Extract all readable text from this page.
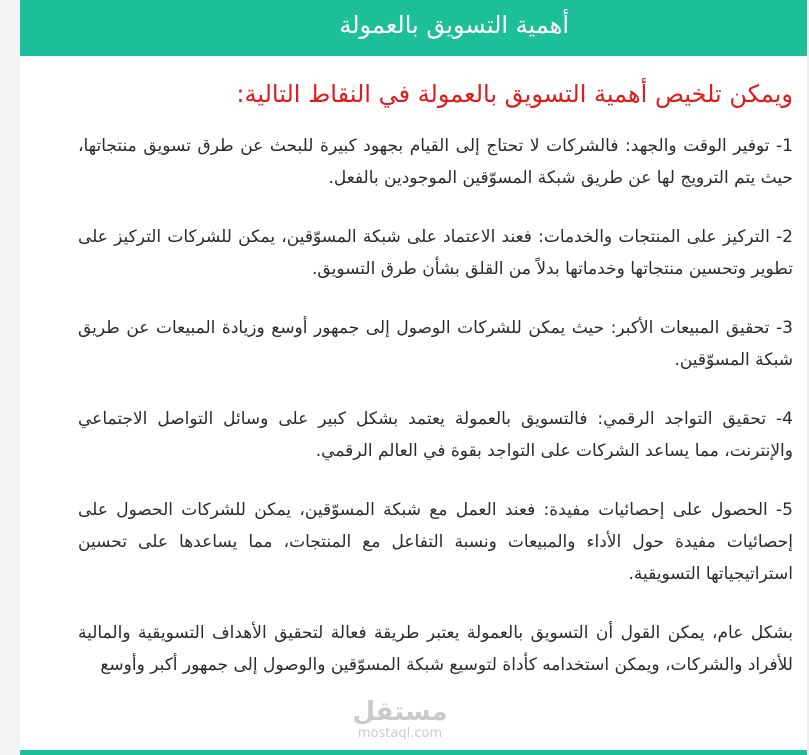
أهمية التسويق بالعمولة

ويمكن تلخيص أهمية التسويق بالعمولة في النقاط التالية:

1- توفير الوقت والجهد: فالشركات لا تحتاج إلى القيام بجهود كبيرة للبحث عن طرق تسويق منتجاتها، حيث يتم الترويج لها عن طريق شبكة المسوّقين الموجودين بالفعل.

2- التركيز على المنتجات والخدمات: فعند الاعتماد على شبكة المسوّقين، يمكن للشركات التركيز على تطوير وتحسين منتجاتها وخدماتها بدلاً من القلق بشأن طرق التسويق.

3- تحقيق المبيعات الأكبر: حيث يمكن للشركات الوصول إلى جمهور أوسع وزيادة المبيعات عن طريق شبكة المسوّقين.

4- تحقيق التواجد الرقمي: فالتسويق بالعمولة يعتمد بشكل كبير على وسائل التواصل الاجتماعي والإنترنت، مما يساعد الشركات على التواجد بقوة في العالم الرقمي.

5- الحصول على إحصائيات مفيدة: فعند العمل مع شبكة المسوّقين، يمكن للشركات الحصول على إحصائيات مفيدة حول الأداء والمبيعات ونسبة التفاعل مع المنتجات، مما يساعدها على تحسين استراتيجياتها التسويقية.

بشكل عام، يمكن القول أن التسويق بالعمولة يعتبر طريقة فعالة لتحقيق الأهداف التسويقية والمالية للأفراد والشركات، ويمكن استخدامه كأداة لتوسيع شبكة المسوّقين والوصول إلى جمهور أكبر وأوسع

مستقل
mostaql.com
